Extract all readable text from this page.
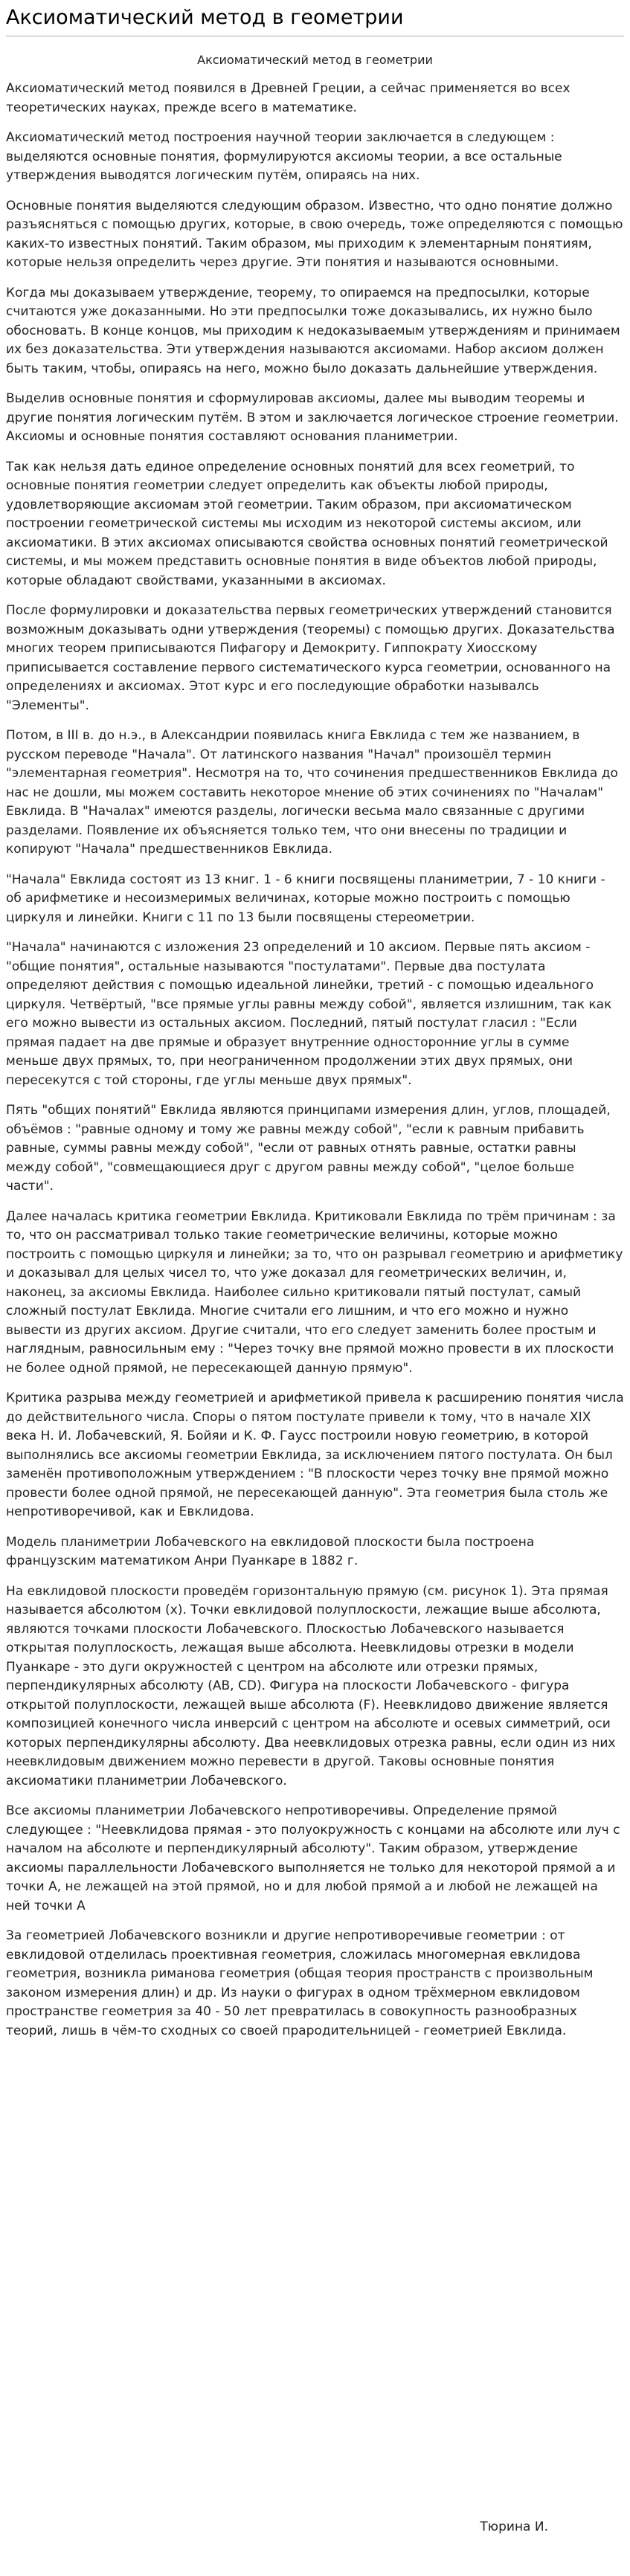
Аксиоматический метод в геометрии
Аксиоматический метод в геометрии

Аксиоматический метод появился в Древней Греции, а сейчас применяется во всех теоретических науках, прежде всего в математике.

Аксиоматический метод построения научной теории заключается в следующем : выделяются основные понятия, формулируются аксиомы теории, а все остальные утверждения выводятся логическим путём, опираясь на них.

Основные понятия выделяются следующим образом. Известно, что одно понятие должно разъясняться с помощью других, которые, в свою очередь, тоже определяются с помощью каких-то известных понятий. Таким образом, мы приходим к элементарным понятиям, которые нельзя определить через другие. Эти понятия и называются основными.

Когда мы доказываем утверждение, теорему, то опираемся на предпосылки, которые считаются уже доказанными. Но эти предпосылки тоже доказывались, их нужно было обосновать. В конце концов, мы приходим к недоказываемым утверждениям и принимаем их без доказательства. Эти утверждения называются аксиомами. Набор аксиом должен быть таким, чтобы, опираясь на него, можно было доказать дальнейшие утверждения.

Выделив основные понятия и сформулировав аксиомы, далее мы выводим теоремы и другие понятия логическим путём. В этом и заключается логическое строение геометрии. Аксиомы и основные понятия составляют основания планиметрии.

Так как нельзя дать единое определение основных понятий для всех геометрий, то основные понятия геометрии следует определить как объекты любой природы, удовлетворяющие аксиомам этой геометрии. Таким образом, при аксиоматическом построении геометрической системы мы исходим из некоторой системы аксиом, или аксиоматики. В этих аксиомах описываются свойства основных понятий геометрической системы, и мы можем представить основные понятия в виде объектов любой природы, которые обладают свойствами, указанными в аксиомах.

После формулировки и доказательства первых геометрических утверждений становится возможным доказывать одни утверждения (теоремы) с помощью других. Доказательства многих теорем приписываются Пифагору и Демокриту. Гиппократу Хиосскому приписывается составление первого систематического курса геометрии, основанного на определениях и аксиомах. Этот курс и его последующие обработки называлсь "Элементы".

Потом, в III в. до н.э., в Александрии появилась книга Евклида с тем же названием, в русском переводе "Начала". От латинского названия "Начал" произошёл термин "элементарная геометрия". Несмотря на то, что сочинения предшественников Евклида до нас не дошли, мы можем составить некоторое мнение об этих сочинениях по "Началам" Евклида. В "Началах" имеются разделы, логически весьма мало связанные с другими разделами. Появление их объясняется только тем, что они внесены по традиции и копируют "Начала" предшественников Евклида.

"Начала" Евклида состоят из 13 книг. 1 - 6 книги посвящены планиметрии, 7 - 10 книги - об арифметике и несоизмеримых величинах, которые можно построить с помощью циркуля и линейки. Книги с 11 по 13 были посвящены стереометрии.

"Начала" начинаются с изложения 23 определений и 10 аксиом. Первые пять аксиом - "общие понятия", остальные называются "постулатами". Первые два постулата определяют действия с помощью идеальной линейки, третий - с помощью идеального циркуля. Четвёртый, "все прямые углы равны между собой", является излишним, так как его можно вывести из остальных аксиом. Последний, пятый постулат гласил : "Если прямая падает на две прямые и образует внутренние односторонние углы в сумме меньше двух прямых, то, при неограниченном продолжении этих двух прямых, они пересекутся с той стороны, где углы меньше двух прямых".

Пять "общих понятий" Евклида являются принципами измерения длин, углов, площадей, объёмов : "равные одному и тому же равны между собой", "если к равным прибавить равные, суммы равны между собой", "если от равных отнять равные, остатки равны между собой", "совмещающиеся друг с другом равны между собой", "целое больше части".

Далее началась критика геометрии Евклида. Критиковали Евклида по трём причинам : за то, что он рассматривал только такие геометрические величины, которые можно построить с помощью циркуля и линейки; за то, что он разрывал геометрию и арифметику и доказывал для целых чисел то, что уже доказал для геометрических величин, и, наконец, за аксиомы Евклида. Наиболее сильно критиковали пятый постулат, самый сложный постулат Евклида. Многие считали его лишним, и что его можно и нужно вывести из других аксиом. Другие считали, что его следует заменить более простым и наглядным, равносильным ему : "Через точку вне прямой можно провести в их плоскости не более одной прямой, не пересекающей данную прямую".

Критика разрыва между геометрией и арифметикой привела к расширению понятия числа до действительного числа. Споры о пятом постулате привели к тому, что в начале XIX века Н. И. Лобачевский, Я. Бойяи и К. Ф. Гаусс построили новую геометрию, в которой выполнялись все аксиомы геометрии Евклида, за исключением пятого постулата. Он был заменён противоположным утверждением : "В плоскости через точку вне прямой можно провести более одной прямой, не пересекающей данную". Эта геометрия была столь же непротиворечивой, как и Евклидова.

Модель планиметрии Лобачевского на евклидовой плоскости была построена французским математиком Анри Пуанкаре в 1882 г.

На евклидовой плоскости проведём горизонтальную прямую (см. рисунок 1). Эта прямая называется абсолютом (x). Точки евклидовой полуплоскости, лежащие выше абсолюта, являются точками плоскости Лобачевского. Плоскостью Лобачевского называется открытая полуплоскость, лежащая выше абсолюта. Неевклидовы отрезки в модели Пуанкаре - это дуги окружностей с центром на абсолюте или отрезки прямых, перпендикулярных абсолюту (AB, CD). Фигура на плоскости Лобачевского - фигура открытой полуплоскости, лежащей выше абсолюта (F). Неевклидово движение является композицией конечного числа инверсий с центром на абсолюте и осевых симметрий, оси которых перпендикулярны абсолюту. Два неевклидовых отрезка равны, если один из них неевклидовым движением можно перевести в другой. Таковы основные понятия аксиоматики планиметрии Лобачевского.

Все аксиомы планиметрии Лобачевского непротиворечивы. Определение прямой следующее : "Неевклидова прямая - это полуокружность с концами на абсолюте или луч с началом на абсолюте и перпендикулярный абсолюту". Таким образом, утверждение аксиомы параллельности Лобачевского выполняется не только для некоторой прямой а и точки А, не лежащей на этой прямой, но и для любой прямой а и любой не лежащей на ней точки А

За геометрией Лобачевского возникли и другие непротиворечивые геометрии : от евклидовой отделилась проективная геометрия, сложилась многомерная евклидова геометрия, возникла риманова геометрия (общая теория пространств с произвольным законом измерения длин) и др. Из науки о фигурах в одном трёхмерном евклидовом пространстве геометрия за 40 - 50 лет превратилась в совокупность разнообразных теорий, лишь в чём-то сходных со своей прародительницей - геометрией Евклида.

Тюрина И.
